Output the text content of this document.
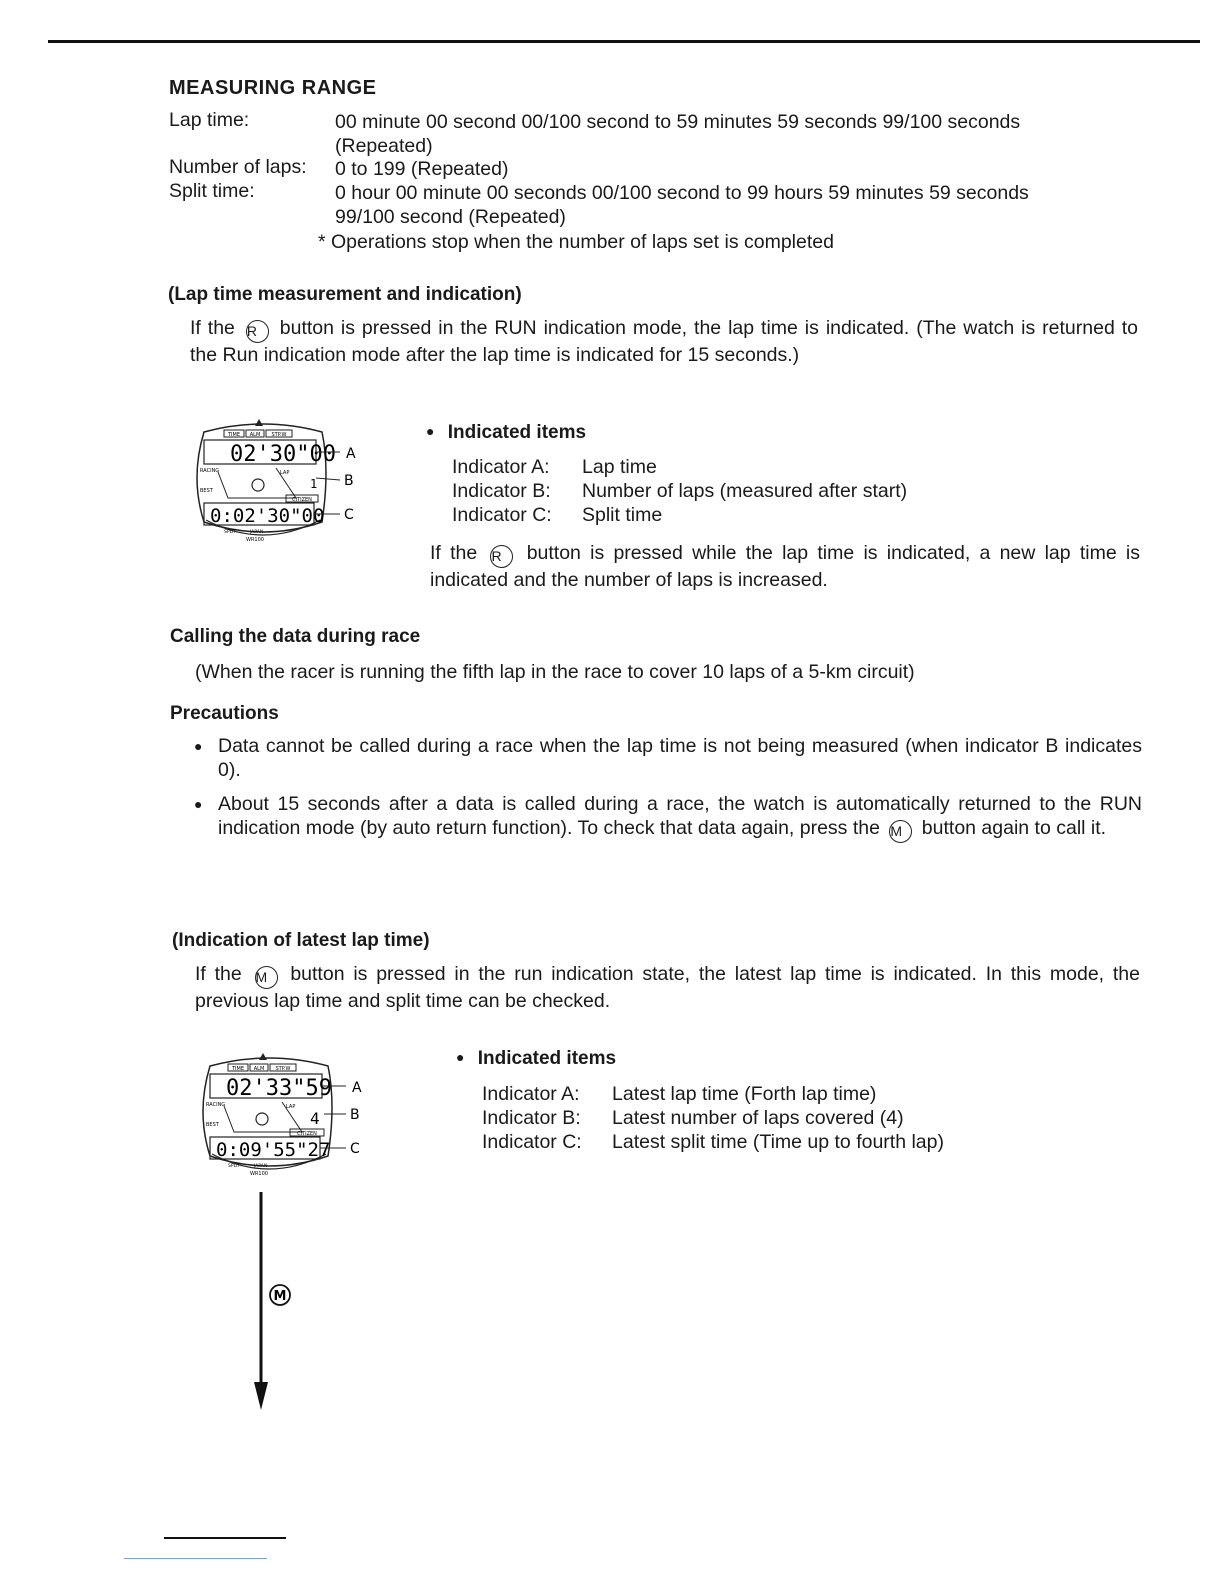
MEASURING RANGE
Lap time:	00 minute 00 second 00/100 second to 59 minutes 59 seconds 99/100 seconds
(Repeated)
Number of laps: 0 to 199 (Repeated)
Split time:	0 hour 00 minute 00 seconds 00/100 second to 99 hours 59 minutes 59 seconds
99/100 second (Repeated)
* Operations stop when the number of laps set is completed
(Lap time measurement and indication)
If the R button is pressed in the RUN indication mode, the lap time is indicated. (The watch is returned to the Run indication mode after the lap time is indicated for 15 seconds.)
TIME ALM STP.W
02'30"00
RACING
BEST
LAP
1
CITIZEN
0:02'30"00
SPLIT	JAPAN
WR100
A
B
C
● Indicated items
Indicator A:	Lap time
Indicator B:	Number of laps (measured after start)
Indicator C:	Split time
If the R button is pressed while the lap time is indicated, a new lap time is indicated and the number of laps is increased.
Calling the data during race
(When the racer is running the fifth lap in the race to cover 10 laps of a 5-km circuit)
Precautions
● Data cannot be called during a race when the lap time is not being measured (when indicator B indicates 0).
● About 15 seconds after a data is called during a race, the watch is automatically returned to the RUN indication mode (by auto return function). To check that data again, press the M button again to call it.
(Indication of latest lap time)
If the M button is pressed in the run indication state, the latest lap time is indicated. In this mode, the previous lap time and split time can be checked.
TIME ALM STP.W
02'33"59
RACING
BEST
LAP
4
CITIZEN
0:09'55"27
SPLIT	JAPAN
WR100
A
B
C
● Indicated items
Indicator A:	Latest lap time (Forth lap time)
Indicator B:	Latest number of laps covered (4)
Indicator C:	Latest split time (Time up to fourth lap)
M
